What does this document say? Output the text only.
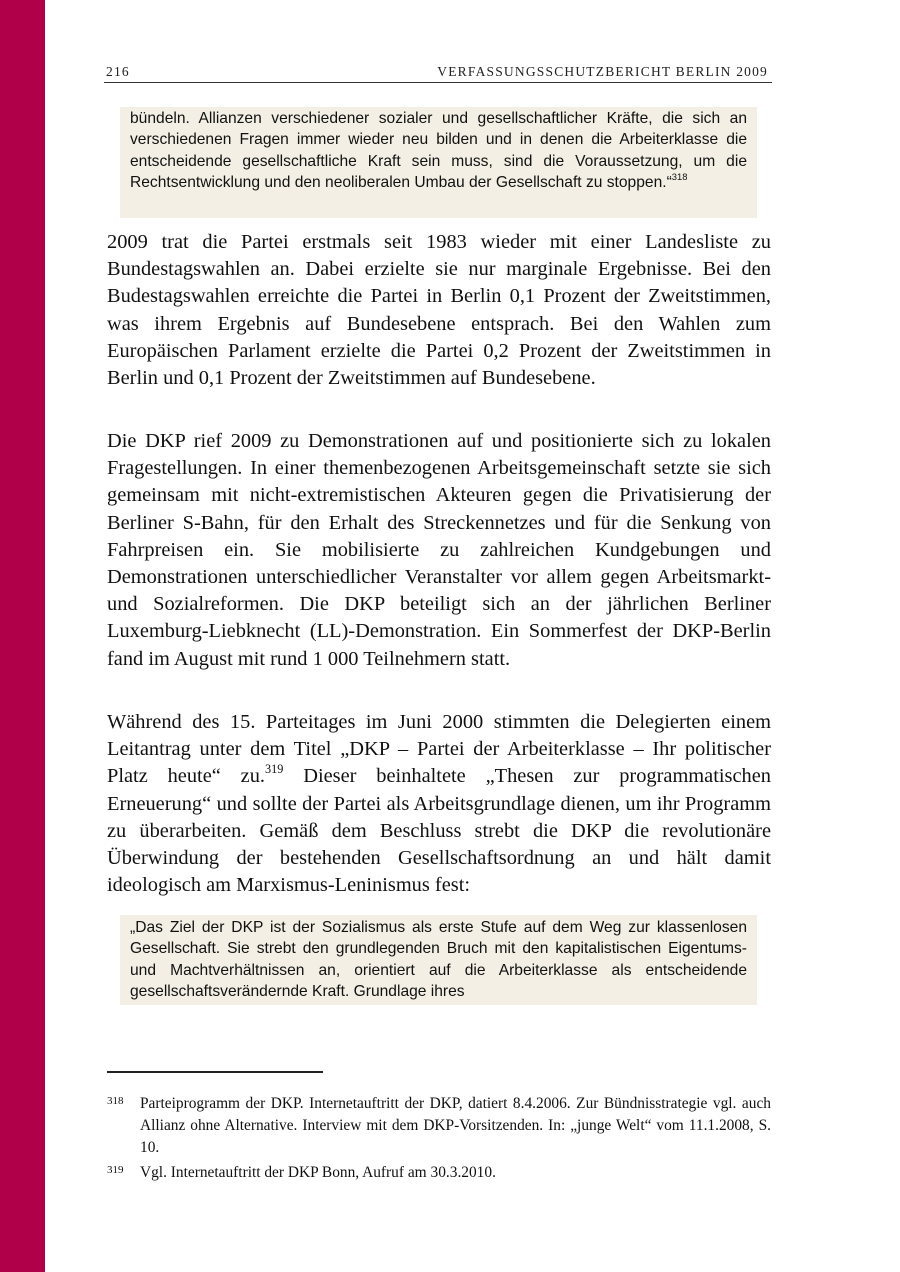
216	VERFASSUNGSSCHUTZBERICHT BERLIN 2009
bündeln. Allianzen verschiedener sozialer und gesellschaftlicher Kräfte, die sich an verschiedenen Fragen immer wieder neu bilden und in denen die Arbeiterklasse die entscheidende gesellschaftliche Kraft sein muss, sind die Voraussetzung, um die Rechtsentwicklung und den neoliberalen Umbau der Gesellschaft zu stoppen.“$^{318}$
2009 trat die Partei erstmals seit 1983 wieder mit einer Landesliste zu Bundestagswahlen an. Dabei erzielte sie nur marginale Ergebnisse. Bei den Budestagswahlen erreichte die Partei in Berlin 0,1 Prozent der Zweitstimmen, was ihrem Ergebnis auf Bundesebene entsprach. Bei den Wahlen zum Europäischen Parlament erzielte die Partei 0,2 Prozent der Zweitstimmen in Berlin und 0,1 Prozent der Zweitstimmen auf Bundesebene.
Die DKP rief 2009 zu Demonstrationen auf und positionierte sich zu lokalen Fragestellungen. In einer themenbezogenen Arbeitsgemeinschaft setzte sie sich gemeinsam mit nicht-extremistischen Akteuren gegen die Privatisierung der Berliner S-Bahn, für den Erhalt des Streckennetzes und für die Senkung von Fahrpreisen ein. Sie mobilisierte zu zahlreichen Kundgebungen und Demonstrationen unterschiedlicher Veranstalter vor allem gegen Arbeitsmarkt- und Sozialreformen. Die DKP beteiligt sich an der jährlichen Berliner Luxemburg-Liebknecht (LL)-Demonstration. Ein Sommerfest der DKP-Berlin fand im August mit rund 1 000 Teilnehmern statt.
Während des 15. Parteitages im Juni 2000 stimmten die Delegierten einem Leitantrag unter dem Titel „DKP – Partei der Arbeiterklasse – Ihr politischer Platz heute“ zu.$^{319}$ Dieser beinhaltete „Thesen zur programmatischen Erneuerung“ und sollte der Partei als Arbeitsgrundlage dienen, um ihr Programm zu überarbeiten. Gemäß dem Beschluss strebt die DKP die revolutionäre Überwindung der bestehenden Gesellschaftsordnung an und hält damit ideologisch am Marxismus-Leninismus fest:
„Das Ziel der DKP ist der Sozialismus als erste Stufe auf dem Weg zur klassenlosen Gesellschaft. Sie strebt den grundlegenden Bruch mit den kapitalistischen Eigentums- und Machtverhältnissen an, orientiert auf die Arbeiterklasse als entscheidende gesellschaftsverändernde Kraft. Grundlage ihres
318 Parteiprogramm der DKP. Internetauftritt der DKP, datiert 8.4.2006. Zur Bündnisstrategie vgl. auch Allianz ohne Alternative. Interview mit dem DKP-Vorsitzenden. In: „junge Welt“ vom 11.1.2008, S. 10.
319 Vgl. Internetauftritt der DKP Bonn, Aufruf am 30.3.2010.
